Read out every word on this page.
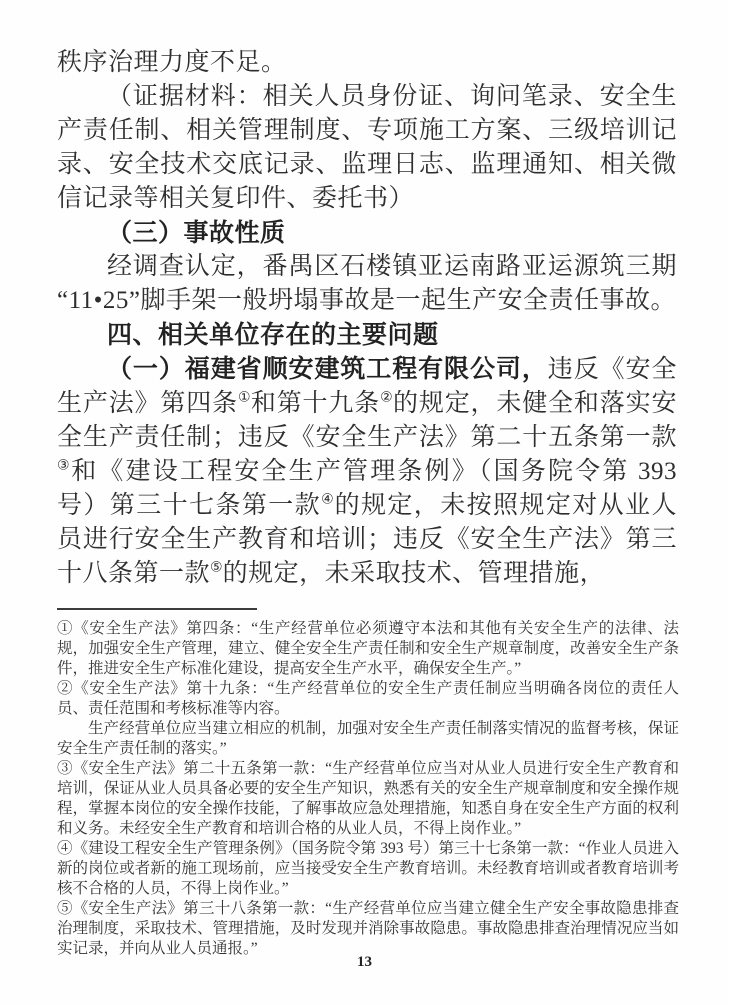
秩序治理力度不足。

（证据材料：相关人员身份证、询问笔录、安全生产责任制、相关管理制度、专项施工方案、三级培训记录、安全技术交底记录、监理日志、监理通知、相关微信记录等相关复印件、委托书）

（三）事故性质

经调查认定，番禺区石楼镇亚运南路亚运源筑三期“11•25”脚手架一般坍塌事故是一起生产安全责任事故。

四、相关单位存在的主要问题

（一）福建省顺安建筑工程有限公司，违反《安全生产法》第四条①和第十九条②的规定，未健全和落实安全生产责任制；违反《安全生产法》第二十五条第一款③和《建设工程安全生产管理条例》（国务院令第 393 号）第三十七条第一款④的规定，未按照规定对从业人员进行安全生产教育和培训；违反《安全生产法》第三十八条第一款⑤的规定，未采取技术、管理措施，

①《安全生产法》第四条：“生产经营单位必须遵守本法和其他有关安全生产的法律、法规，加强安全生产管理，建立、健全安全生产责任制和安全生产规章制度，改善安全生产条件，推进安全生产标准化建设，提高安全生产水平，确保安全生产。”

②《安全生产法》第十九条：“生产经营单位的安全生产责任制应当明确各岗位的责任人员、责任范围和考核标准等内容。

生产经营单位应当建立相应的机制，加强对安全生产责任制落实情况的监督考核，保证安全生产责任制的落实。”

③《安全生产法》第二十五条第一款：“生产经营单位应当对从业人员进行安全生产教育和培训，保证从业人员具备必要的安全生产知识，熟悉有关的安全生产规章制度和安全操作规程，掌握本岗位的安全操作技能，了解事故应急处理措施，知悉自身在安全生产方面的权利和义务。未经安全生产教育和培训合格的从业人员，不得上岗作业。”

④《建设工程安全生产管理条例》（国务院令第 393 号）第三十七条第一款：“作业人员进入新的岗位或者新的施工现场前，应当接受安全生产教育培训。未经教育培训或者教育培训考核不合格的人员，不得上岗作业。”

⑤《安全生产法》第三十八条第一款：“生产经营单位应当建立健全生产安全事故隐患排查治理制度，采取技术、管理措施，及时发现并消除事故隐患。事故隐患排查治理情况应当如实记录，并向从业人员通报。”

13
